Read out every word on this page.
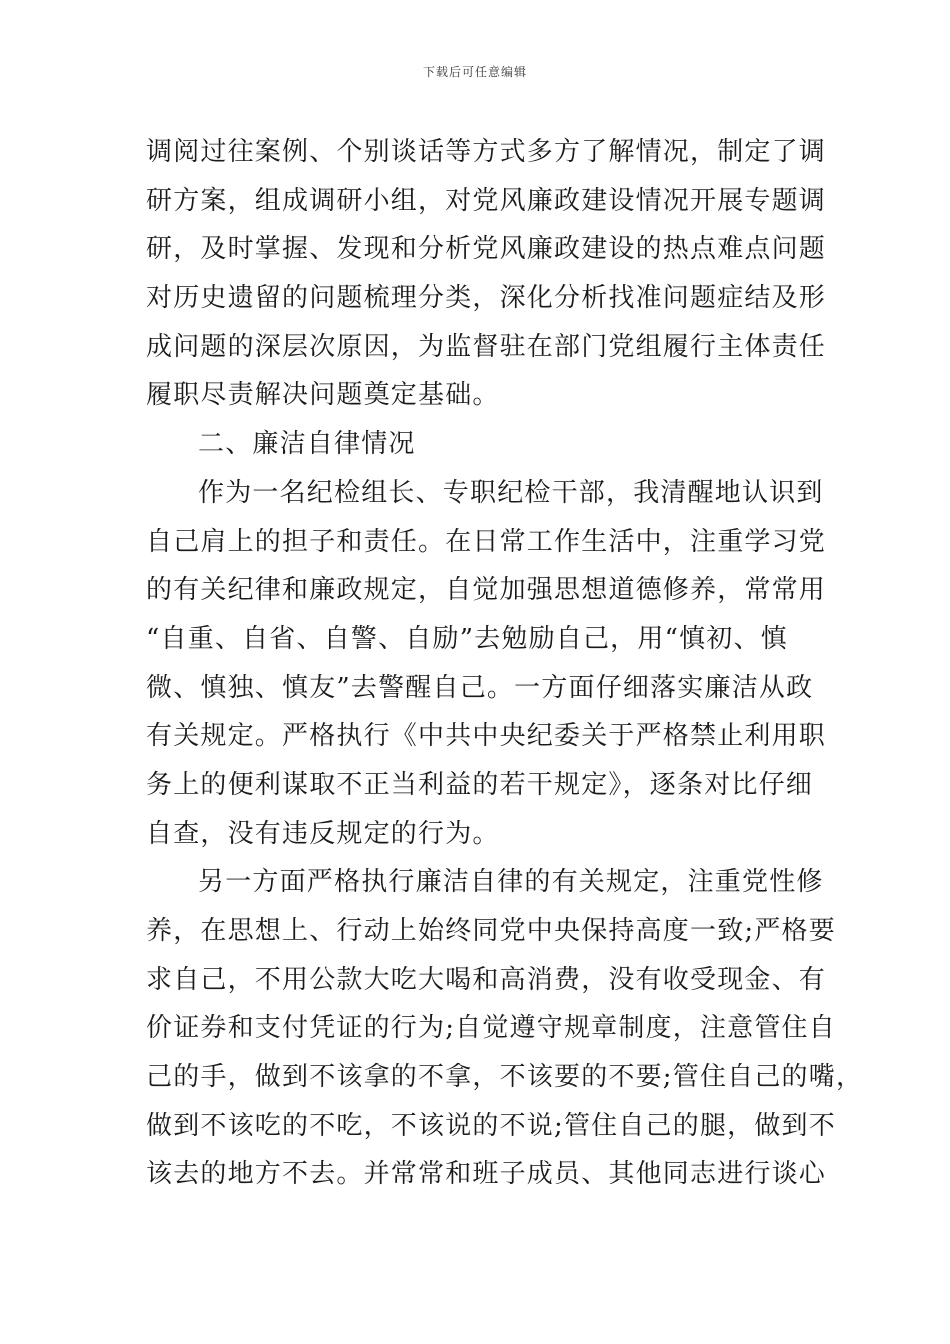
下载后可任意编辑
调阅过往案例、个别谈话等方式多方了解情况，制定了调
研方案，组成调研小组，对党风廉政建设情况开展专题调
研，及时掌握、发现和分析党风廉政建设的热点难点问题
对历史遗留的问题梳理分类，深化分析找准问题症结及形
成问题的深层次原因，为监督驻在部门党组履行主体责任
履职尽责解决问题奠定基础。
二、廉洁自律情况
作为一名纪检组长、专职纪检干部，我清醒地认识到
自己肩上的担子和责任。在日常工作生活中，注重学习党
的有关纪律和廉政规定，自觉加强思想道德修养，常常用
“自重、自省、自警、自励”去勉励自己，用“慎初、慎
微、慎独、慎友”去警醒自己。一方面仔细落实廉洁从政
有关规定。严格执行《中共中央纪委关于严格禁止利用职
务上的便利谋取不正当利益的若干规定》，逐条对比仔细
自查，没有违反规定的行为。
另一方面严格执行廉洁自律的有关规定，注重党性修
养，在思想上、行动上始终同党中央保持高度一致;严格要
求自己，不用公款大吃大喝和高消费，没有收受现金、有
价证券和支付凭证的行为;自觉遵守规章制度，注意管住自
己的手，做到不该拿的不拿，不该要的不要;管住自己的嘴，
做到不该吃的不吃，不该说的不说;管住自己的腿，做到不
该去的地方不去。并常常和班子成员、其他同志进行谈心
